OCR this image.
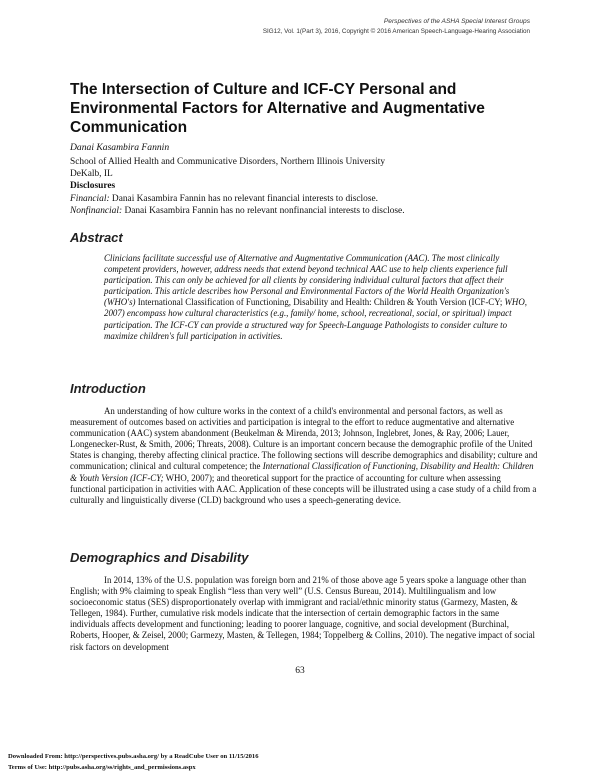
Perspectives of the ASHA Special Interest Groups
SIG12, Vol. 1(Part 3), 2016, Copyright © 2016 American Speech-Language-Hearing Association
The Intersection of Culture and ICF-CY Personal and Environmental Factors for Alternative and Augmentative Communication
Danai Kasambira Fannin
School of Allied Health and Communicative Disorders, Northern Illinois University
DeKalb, IL
Disclosures
Financial: Danai Kasambira Fannin has no relevant financial interests to disclose.
Nonfinancial: Danai Kasambira Fannin has no relevant nonfinancial interests to disclose.
Abstract

Clinicians facilitate successful use of Alternative and Augmentative Communication (AAC). The most clinically competent providers, however, address needs that extend beyond technical AAC use to help clients experience full participation. This can only be achieved for all clients by considering individual cultural factors that affect their participation. This article describes how Personal and Environmental Factors of the World Health Organization's (WHO's) International Classification of Functioning, Disability and Health: Children & Youth Version (ICF-CY; WHO, 2007) encompass how cultural characteristics (e.g., family/ home, school, recreational, social, or spiritual) impact participation. The ICF-CY can provide a structured way for Speech-Language Pathologists to consider culture to maximize children's full participation in activities.

Introduction

An understanding of how culture works in the context of a child's environmental and personal factors, as well as measurement of outcomes based on activities and participation is integral to the effort to reduce augmentative and alternative communication (AAC) system abandonment (Beukelman & Mirenda, 2013; Johnson, Inglebret, Jones, & Ray, 2006; Lauer, Longenecker-Rust, & Smith, 2006; Threats, 2008). Culture is an important concern because the demographic profile of the United States is changing, thereby affecting clinical practice. The following sections will describe demographics and disability; culture and communication; clinical and cultural competence; the International Classification of Functioning, Disability and Health: Children & Youth Version (ICF-CY; WHO, 2007); and theoretical support for the practice of accounting for culture when assessing functional participation in activities with AAC. Application of these concepts will be illustrated using a case study of a child from a culturally and linguistically diverse (CLD) background who uses a speech-generating device.

Demographics and Disability

In 2014, 13% of the U.S. population was foreign born and 21% of those above age 5 years spoke a language other than English; with 9% claiming to speak English “less than very well” (U.S. Census Bureau, 2014). Multilingualism and low socioeconomic status (SES) disproportionately overlap with immigrant and racial/ethnic minority status (Garmezy, Masten, & Tellegen, 1984). Further, cumulative risk models indicate that the intersection of certain demographic factors in the same individuals affects development and functioning; leading to poorer language, cognitive, and social development (Burchinal, Roberts, Hooper, & Zeisel, 2000; Garmezy, Masten, & Tellegen, 1984; Toppelberg & Collins, 2010). The negative impact of social risk factors on development

63
Downloaded From: http://perspectives.pubs.asha.org/ by a ReadCube User on 11/15/2016
Terms of Use: http://pubs.asha.org/ss/rights_and_permissions.aspx
